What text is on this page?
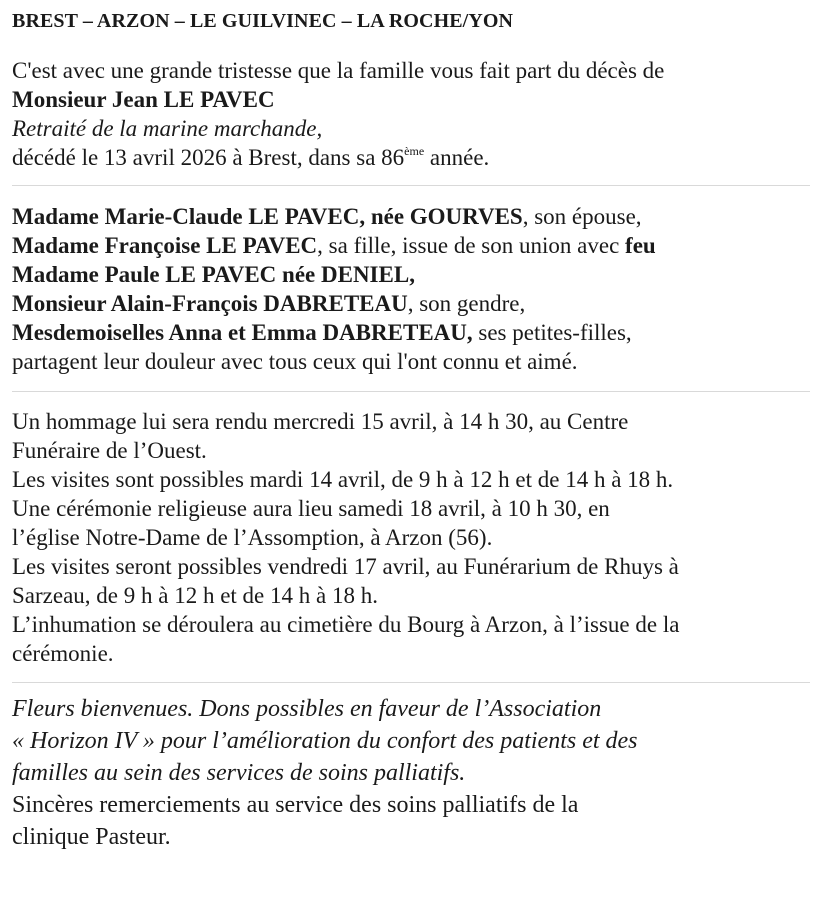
BREST – ARZON – LE GUILVINEC – LA ROCHE/YON

C'est avec une grande tristesse que la famille vous fait part du décès de

Monsieur Jean LE PAVEC

Retraité de la marine marchande,

décédé le 13 avril 2026 à Brest, dans sa 86ème année.

Madame Marie-Claude LE PAVEC, née GOURVES, son épouse,

Madame Françoise LE PAVEC, sa fille, issue de son union avec feu

Madame Paule LE PAVEC née DENIEL,

Monsieur Alain-François DABRETEAU, son gendre,

Mesdemoiselles Anna et Emma DABRETEAU, ses petites-filles,

partagent leur douleur avec tous ceux qui l'ont connu et aimé.

Un hommage lui sera rendu mercredi 15 avril, à 14 h 30, au Centre

Funéraire de l’Ouest.

Les visites sont possibles mardi 14 avril, de 9 h à 12 h et de 14 h à 18 h.

Une cérémonie religieuse aura lieu samedi 18 avril, à 10 h 30, en

l’église Notre-Dame de l’Assomption, à Arzon (56).

Les visites seront possibles vendredi 17 avril, au Funérarium de Rhuys à

Sarzeau, de 9 h à 12 h et de 14 h à 18 h.

L’inhumation se déroulera au cimetière du Bourg à Arzon, à l’issue de la

cérémonie.

Fleurs bienvenues. Dons possibles en faveur de l’Association

« Horizon IV » pour l’amélioration du confort des patients et des

familles au sein des services de soins palliatifs.

Sincères remerciements au service des soins palliatifs de la

clinique Pasteur.
